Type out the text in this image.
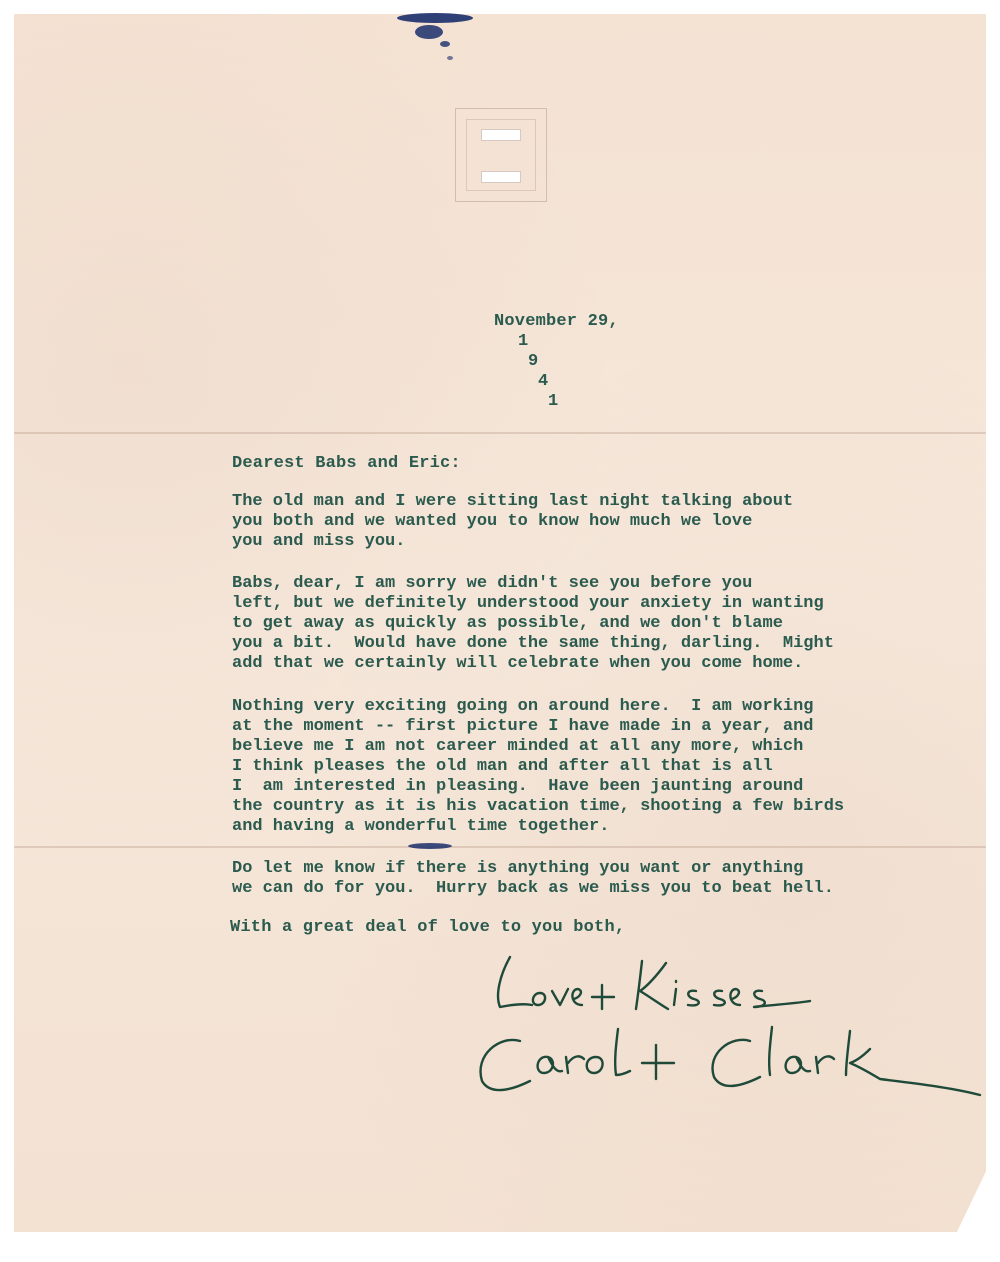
November 29,
1
9
4
1
Dearest Babs and Eric:
The old man and I were sitting last night talking about
you both and we wanted you to know how much we love
you and miss you.
Babs, dear, I am sorry we didn't see you before you
left, but we definitely understood your anxiety in wanting
to get away as quickly as possible, and we don't blame
you a bit.  Would have done the same thing, darling.  Might
add that we certainly will celebrate when you come home.
Nothing very exciting going on around here.  I am working
at the moment -- first picture I have made in a year, and
believe me I am not career minded at all any more, which
I think pleases the old man and after all that is all
I  am interested in pleasing.  Have been jaunting around
the country as it is his vacation time, shooting a few birds
and having a wonderful time together.
Do let me know if there is anything you want or anything
we can do for you.  Hurry back as we miss you to beat hell.
With a great deal of love to you both,
